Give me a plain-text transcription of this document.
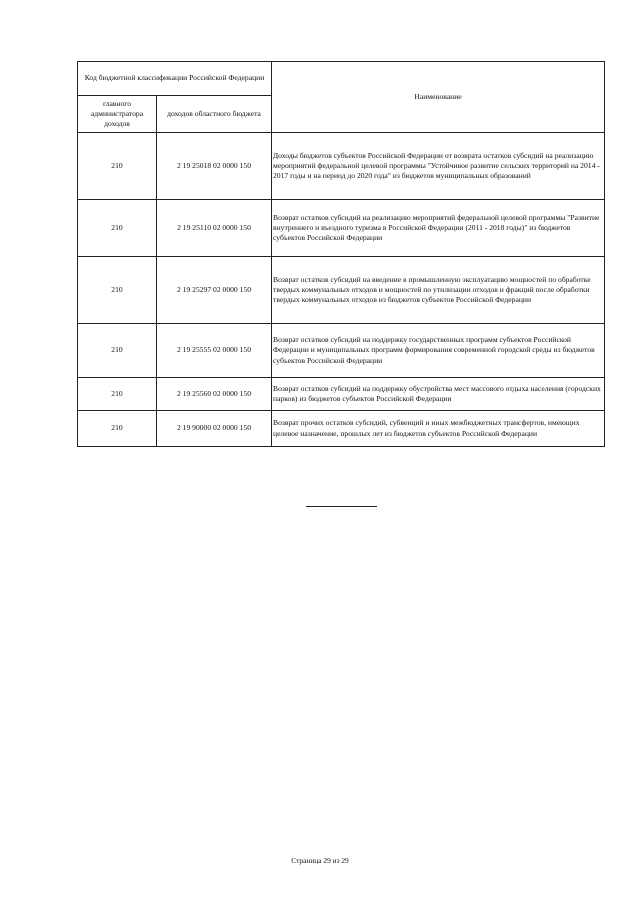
Код бюджетной классификации Российской Федерации		Наименование
главного администратора доходов	доходов областного бюджета	
210	2 19 25018 02 0000 150	Доходы бюджетов субъектов Российской Федерации от возврата остатков субсидий на реализацию мероприятий федеральной целевой программы "Устойчивое развитие сельских территорий на 2014 - 2017 годы и на период до 2020 года" из бюджетов муниципальных образований
210	2 19 25110 02 0000 150	Возврат остатков субсидий на реализацию мероприятий федеральной целевой программы "Развитие внутреннего и въездного туризма в Российской Федерации (2011 - 2018 годы)" из бюджетов субъектов Российской Федерации
210	2 19 25297 02 0000 150	Возврат остатков субсидий на введение в промышленную эксплуатацию мощностей по обработке твердых коммунальных отходов и мощностей по утилизации отходов и фракций после обработки твердых коммунальных отходов из бюджетов субъектов Российской Федерации
210	2 19 25555 02 0000 150	Возврат остатков субсидий на поддержку государственных программ субъектов Российской Федерации и муниципальных программ формирования современной городской среды из бюджетов субъектов Российской Федерации
210	2 19 25560 02 0000 150	Возврат остатков субсидий на поддержку обустройства мест массового отдыха населения (городских парков) из бюджетов субъектов Российской Федерации
210	2 19 90000 02 0000 150	Возврат прочих остатков субсидий, субвенций и иных межбюджетных трансфертов, имеющих целевое назначение, прошлых лет из бюджетов субъектов Российской Федерации
Страница 29 из 29
